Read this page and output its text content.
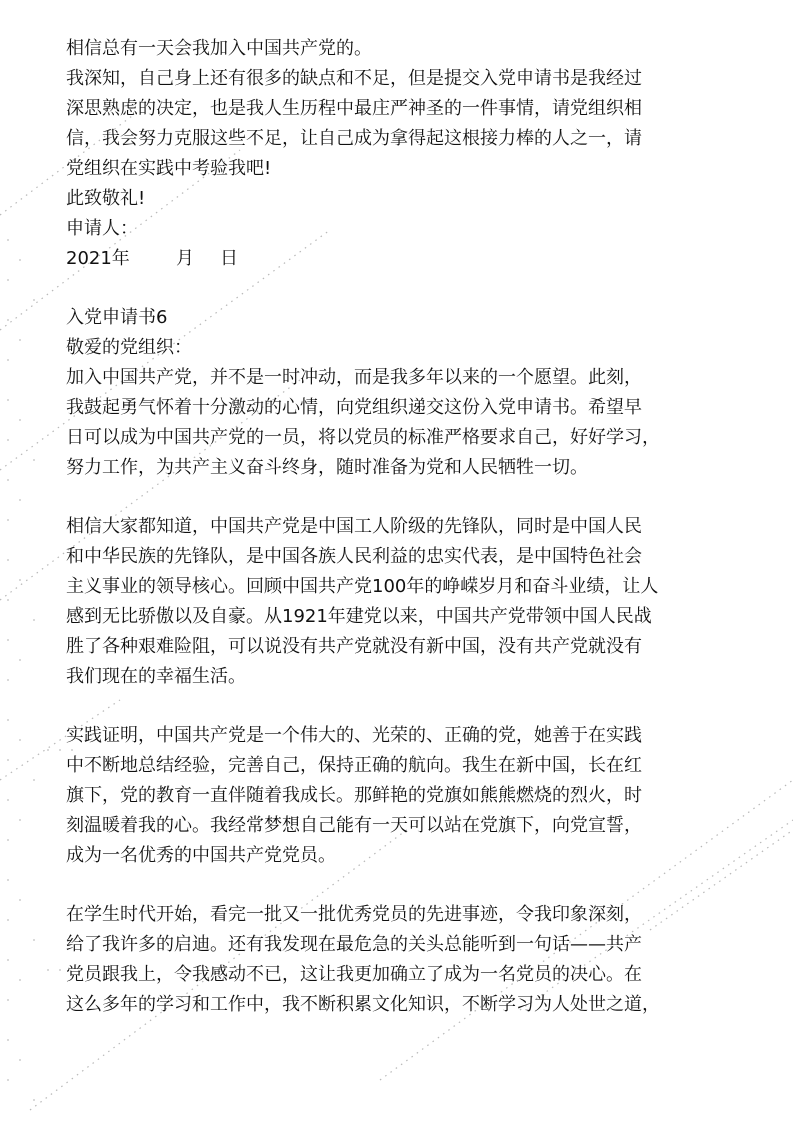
相信总有一天会我加入中国共产党的。
我深知，自己身上还有很多的缺点和不足，但是提交入党申请书是我经过
深思熟虑的决定，也是我人生历程中最庄严神圣的一件事情，请党组织相
信，我会努力克服这些不足，让自己成为拿得起这根接力棒的人之一，请
党组织在实践中考验我吧!
此致敬礼!
申请人：
2021年	月 日
入党申请书6
敬爱的党组织：
加入中国共产党，并不是一时冲动，而是我多年以来的一个愿望。此刻，
我鼓起勇气怀着十分激动的心情，向党组织递交这份入党申请书。希望早
日可以成为中国共产党的一员，将以党员的标准严格要求自己，好好学习，
努力工作，为共产主义奋斗终身，随时准备为党和人民牺牲一切。
相信大家都知道，中国共产党是中国工人阶级的先锋队，同时是中国人民
和中华民族的先锋队，是中国各族人民利益的忠实代表，是中国特色社会
主义事业的领导核心。回顾中国共产党100年的峥嵘岁月和奋斗业绩，让人
感到无比骄傲以及自豪。从1921年建党以来，中国共产党带领中国人民战
胜了各种艰难险阻，可以说没有共产党就没有新中国，没有共产党就没有
我们现在的幸福生活。
实践证明，中国共产党是一个伟大的、光荣的、正确的党，她善于在实践
中不断地总结经验，完善自己，保持正确的航向。我生在新中国，长在红
旗下，党的教育一直伴随着我成长。那鲜艳的党旗如熊熊燃烧的烈火，时
刻温暖着我的心。我经常梦想自己能有一天可以站在党旗下，向党宣誓，
成为一名优秀的中国共产党党员。
在学生时代开始，看完一批又一批优秀党员的先进事迹，令我印象深刻，
给了我许多的启迪。还有我发现在最危急的关头总能听到一句话——共产
党员跟我上，令我感动不已，这让我更加确立了成为一名党员的决心。在
这么多年的学习和工作中，我不断积累文化知识，不断学习为人处世之道，
